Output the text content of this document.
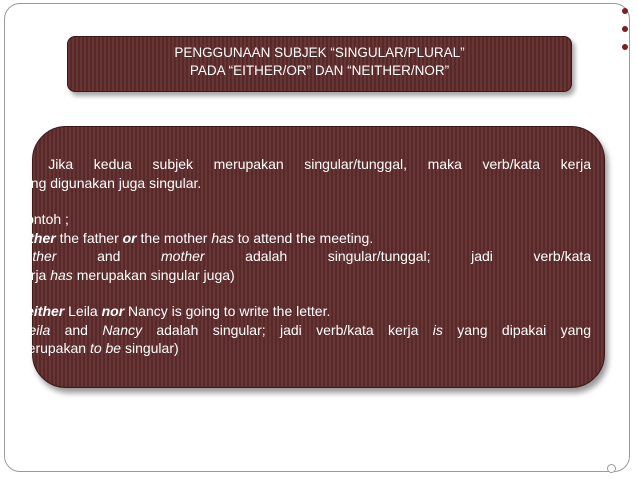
PENGGUNAAN SUBJEK “SINGULAR/PLURAL”
PADA “EITHER/OR” DAN “NEITHER/NOR”

1. Jika kedua subjek merupakan singular/tunggal, maka verb/kata kerja

yang digunakan juga singular.

Contoh ;

Either the father or the mother has to attend the meeting.

(father	and	mother	adalah	singular/tunggal;	jadi	verb/kata

kerja has merupakan singular juga)

Neither Leila nor Nancy is going to write the letter.

(Leila and Nancy adalah singular; jadi verb/kata kerja is yang dipakai yang

merupakan to be singular)
